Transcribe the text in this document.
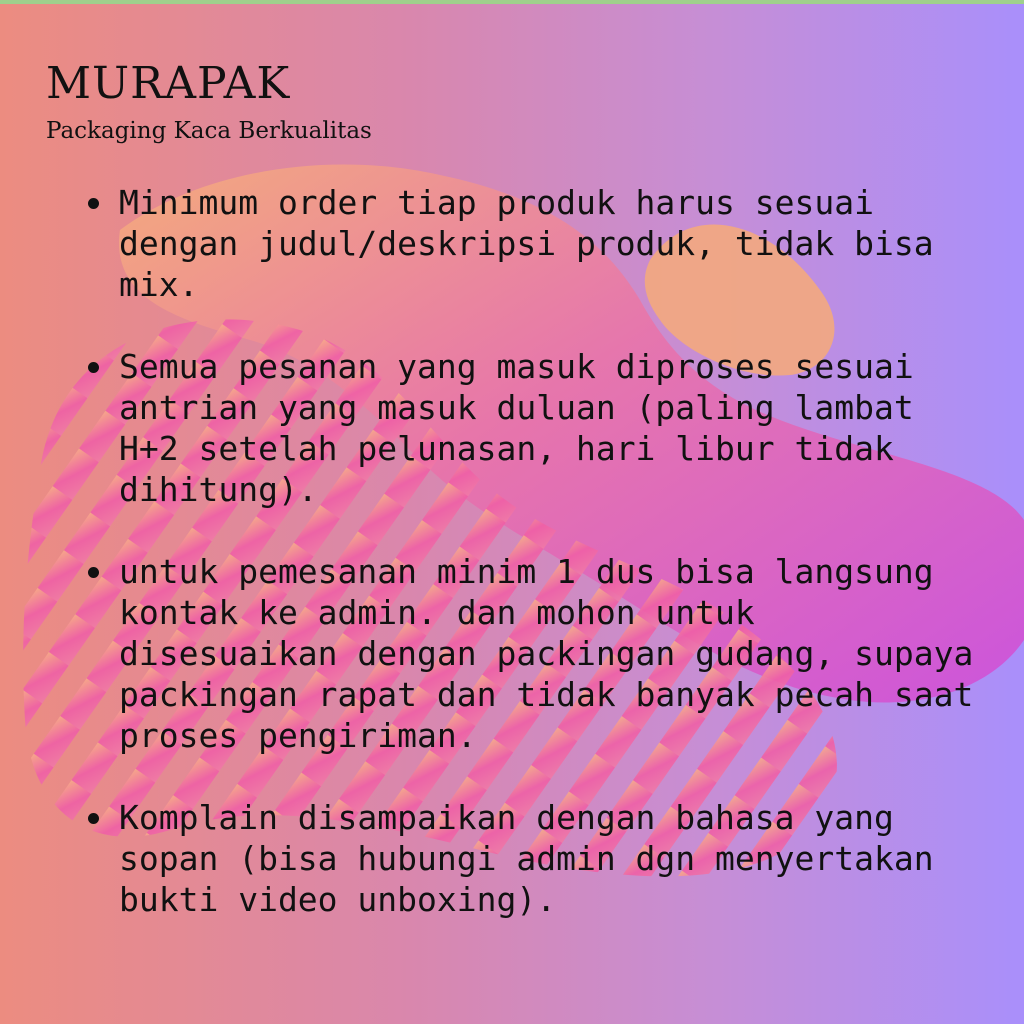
MURAPAK

Packaging Kaca Berkualitas

Minimum order tiap produk harus sesuai dengan judul/deskripsi produk, tidak bisa mix.
Semua pesanan yang masuk diproses sesuai antrian yang masuk duluan (paling lambat H+2 setelah pelunasan, hari libur tidak dihitung).
untuk pemesanan minim 1 dus bisa langsung kontak ke admin. dan mohon untuk disesuaikan dengan packingan gudang, supaya packingan rapat dan tidak banyak pecah saat proses pengiriman.
Komplain disampaikan dengan bahasa yang sopan (bisa hubungi admin dgn menyertakan bukti video unboxing).
